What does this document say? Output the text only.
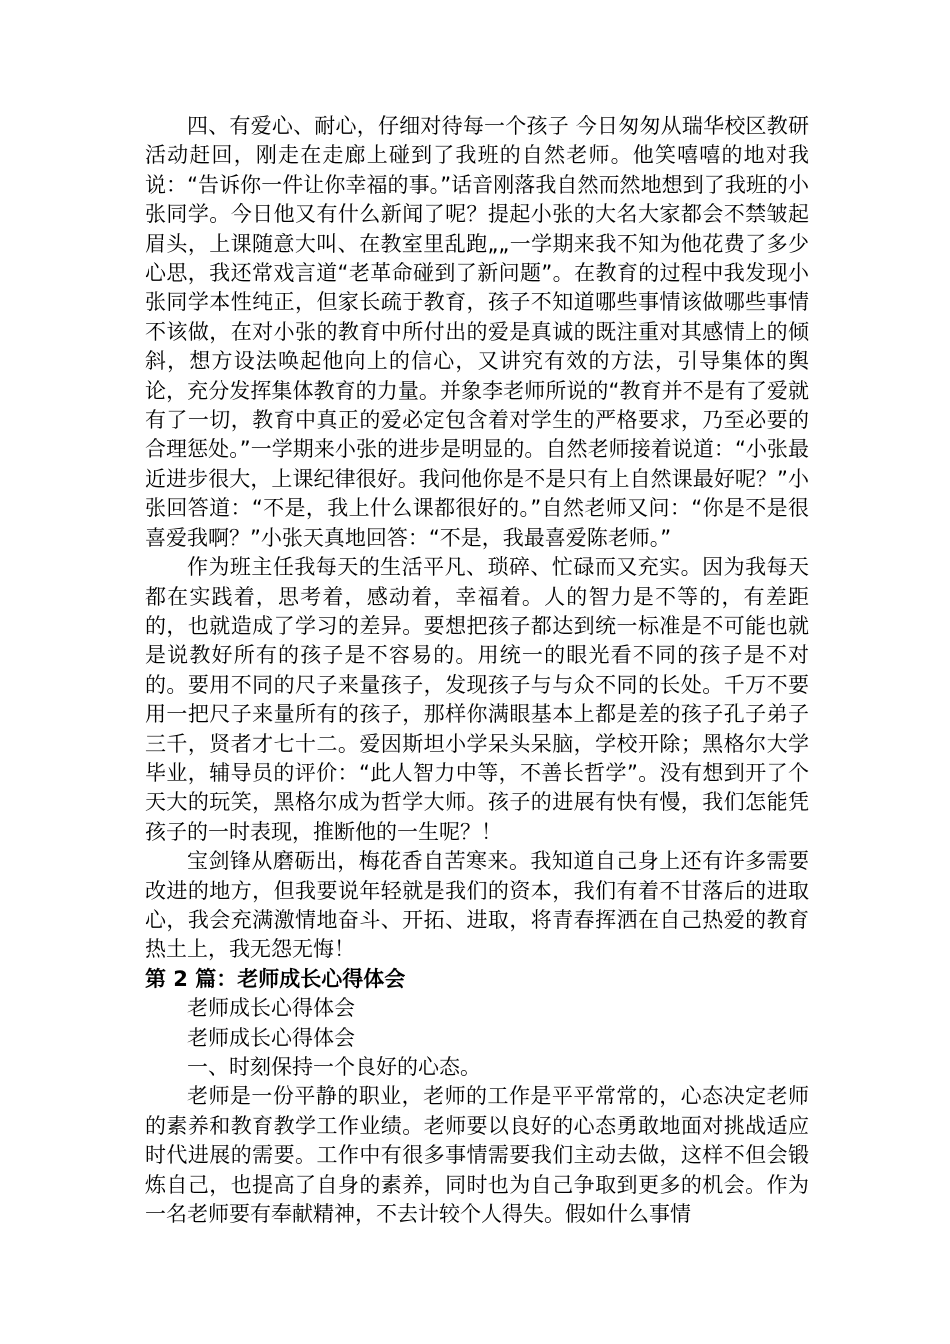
四、有爱心、耐心，仔细对待每一个孩子 今日匆匆从瑞华校区教研活动赶回，刚走在走廊上碰到了我班的自然老师。他笑嘻嘻的地对我说：“告诉你一件让你幸福的事。”话音刚落我自然而然地想到了我班的小张同学。今日他又有什么新闻了呢？提起小张的大名大家都会不禁皱起眉头，上课随意大叫、在教室里乱跑„„一学期来我不知为他花费了多少心思，我还常戏言道“老革命碰到了新问题”。在教育的过程中我发现小张同学本性纯正，但家长疏于教育，孩子不知道哪些事情该做哪些事情不该做，在对小张的教育中所付出的爱是真诚的既注重对其感情上的倾斜，想方设法唤起他向上的信心，又讲究有效的方法，引导集体的舆论，充分发挥集体教育的力量。并象李老师所说的“教育并不是有了爱就有了一切，教育中真正的爱必定包含着对学生的严格要求，乃至必要的合理惩处。”一学期来小张的进步是明显的。自然老师接着说道：“小张最近进步很大，上课纪律很好。我问他你是不是只有上自然课最好呢？”小张回答道：“不是，我上什么课都很好的。”自然老师又问：“你是不是很喜爱我啊？”小张天真地回答：“不是，我最喜爱陈老师。”

作为班主任我每天的生活平凡、琐碎、忙碌而又充实。因为我每天都在实践着，思考着，感动着，幸福着。人的智力是不等的，有差距的，也就造成了学习的差异。要想把孩子都达到统一标准是不可能也就是说教好所有的孩子是不容易的。用统一的眼光看不同的孩子是不对的。要用不同的尺子来量孩子，发现孩子与与众不同的长处。千万不要用一把尺子来量所有的孩子，那样你满眼基本上都是差的孩子孔子弟子三千，贤者才七十二。爱因斯坦小学呆头呆脑，学校开除；黑格尔大学毕业，辅导员的评价：“此人智力中等，不善长哲学”。没有想到开了个天大的玩笑，黑格尔成为哲学大师。孩子的进展有快有慢，我们怎能凭孩子的一时表现，推断他的一生呢？！

宝剑锋从磨砺出，梅花香自苦寒来。我知道自己身上还有许多需要改进的地方，但我要说年轻就是我们的资本，我们有着不甘落后的进取心，我会充满激情地奋斗、开拓、进取，将青春挥洒在自己热爱的教育热土上，我无怨无悔！

第 2 篇：老师成长心得体会

老师成长心得体会

老师成长心得体会

一、时刻保持一个良好的心态。

老师是一份平静的职业，老师的工作是平平常常的，心态决定老师的素养和教育教学工作业绩。老师要以良好的心态勇敢地面对挑战适应时代进展的需要。工作中有很多事情需要我们主动去做，这样不但会锻炼自己，也提高了自身的素养，同时也为自己争取到更多的机会。作为一名老师要有奉献精神，不去计较个人得失。假如什么事情
